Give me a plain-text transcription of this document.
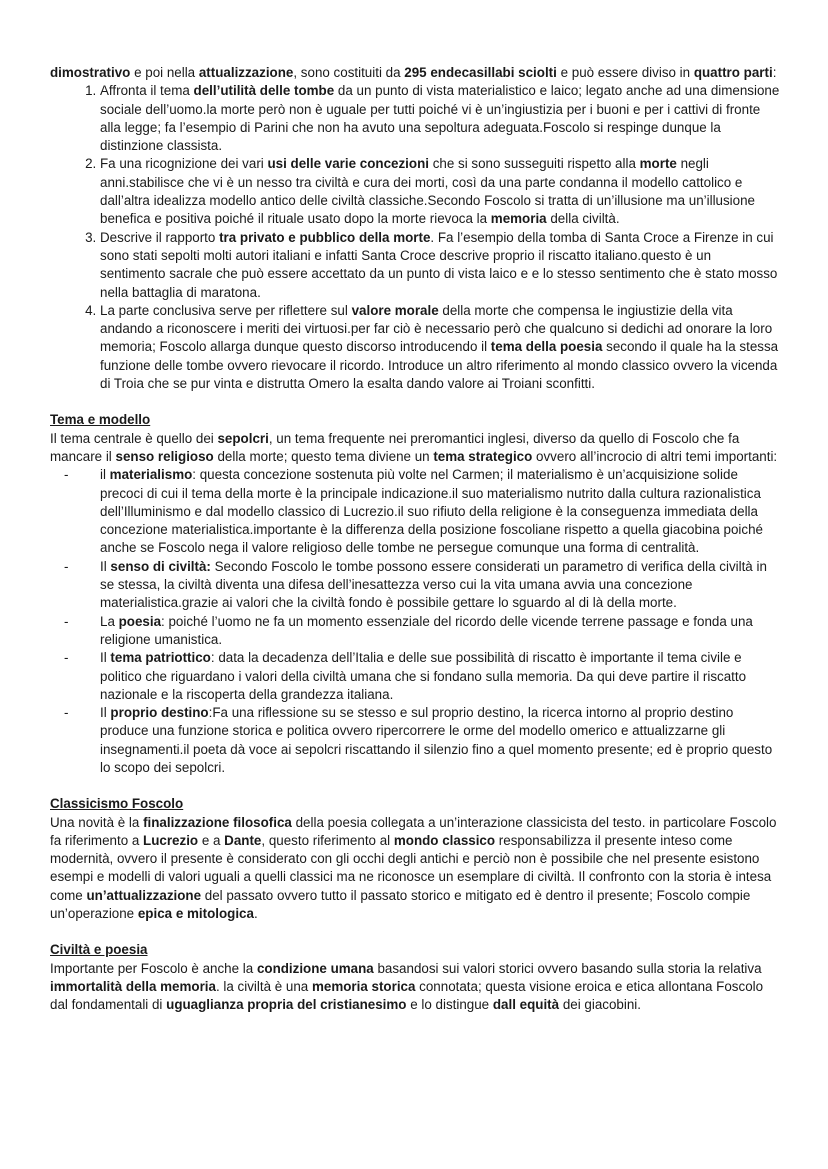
dimostrativo e poi nella attualizzazione, sono costituiti da 295 endecasillabi sciolti e può essere diviso in quattro parti:

1. Affronta il tema dell’utilità delle tombe da un punto di vista materialistico e laico; legato anche ad una dimensione sociale dell’uomo.la morte però non è uguale per tutti poiché vi è un’ingiustizia per i buoni e per i cattivi di fronte alla legge; fa l’esempio di Parini che non ha avuto una sepoltura adeguata.Foscolo si respinge dunque la distinzione classista.
2. Fa una ricognizione dei vari usi delle varie concezioni che si sono susseguiti rispetto alla morte negli anni.stabilisce che vi è un nesso tra civiltà e cura dei morti, così da una parte condanna il modello cattolico e dall’altra idealizza modello antico delle civiltà classiche.Secondo Foscolo si tratta di un’illusione ma un’illusione benefica e positiva poiché il rituale usato dopo la morte rievoca la memoria della civiltà.
3. Descrive il rapporto tra privato e pubblico della morte. Fa l’esempio della tomba di Santa Croce a Firenze in cui sono stati sepolti molti autori italiani e infatti Santa Croce descrive proprio il riscatto italiano.questo è un sentimento sacrale che può essere accettato da un punto di vista laico e e lo stesso sentimento che è stato mosso nella battaglia di maratona.
4. La parte conclusiva serve per riflettere sul valore morale della morte che compensa le ingiustizie della vita andando a riconoscere i meriti dei virtuosi.per far ciò è necessario però che qualcuno si dedichi ad onorare la loro memoria; Foscolo allarga dunque questo discorso introducendo il tema della poesia secondo il quale ha la stessa funzione delle tombe ovvero rievocare il ricordo. Introduce un altro riferimento al mondo classico ovvero la vicenda di Troia che se pur vinta e distrutta Omero la esalta dando valore ai Troiani sconfitti.

Tema e modello

Il tema centrale è quello dei sepolcri, un tema frequente nei preromantici inglesi, diverso da quello di Foscolo che fa mancare il senso religioso della morte; questo tema diviene un tema strategico ovvero all’incrocio di altri temi importanti:

- il materialismo: questa concezione sostenuta più volte nel Carmen; il materialismo è un’acquisizione solide precoci di cui il tema della morte è la principale indicazione.il suo materialismo nutrito dalla cultura razionalistica dell’Illuminismo e dal modello classico di Lucrezio.il suo rifiuto della religione è la conseguenza immediata della concezione materialistica.importante è la differenza della posizione foscoliane rispetto a quella giacobina poiché anche se Foscolo nega il valore religioso delle tombe ne persegue comunque una forma di centralità.
- Il senso di civiltà: Secondo Foscolo le tombe possono essere considerati un parametro di verifica della civiltà in se stessa, la civiltà diventa una difesa dell’inesattezza verso cui la vita umana avvia una concezione materialistica.grazie ai valori che la civiltà fondo è possibile gettare lo sguardo al di là della morte.
- La poesia: poiché l’uomo ne fa un momento essenziale del ricordo delle vicende terrene passage e fonda una religione umanistica.
- Il tema patriottico: data la decadenza dell’Italia e delle sue possibilità di riscatto è importante il tema civile e politico che riguardano i valori della civiltà umana che si fondano sulla memoria. Da qui deve partire il riscatto nazionale e la riscoperta della grandezza italiana.
- Il proprio destino:Fa una riflessione su se stesso e sul proprio destino, la ricerca intorno al proprio destino produce una funzione storica e politica ovvero ripercorrere le orme del modello omerico e attualizzarne gli insegnamenti.il poeta dà voce ai sepolcri riscattando il silenzio fino a quel momento presente; ed è proprio questo lo scopo dei sepolcri.

Classicismo Foscolo

Una novità è la finalizzazione filosofica della poesia collegata a un’interazione classicista del testo. in particolare Foscolo fa riferimento a Lucrezio e a Dante, questo riferimento al mondo classico responsabilizza il presente inteso come modernità, ovvero il presente è considerato con gli occhi degli antichi e perciò non è possibile che nel presente esistono esempi e modelli di valori uguali a quelli classici ma ne riconosce un esemplare di civiltà. Il confronto con la storia è intesa come un’attualizzazione del passato ovvero tutto il passato storico e mitigato ed è dentro il presente; Foscolo compie un’operazione epica e mitologica.

Civiltà e poesia

Importante per Foscolo è anche la condizione umana basandosi sui valori storici ovvero basando sulla storia la relativa immortalità della memoria. la civiltà è una memoria storica connotata; questa visione eroica e etica allontana Foscolo dal fondamentali di uguaglianza propria del cristianesimo e lo distingue dall equità dei giacobini.
